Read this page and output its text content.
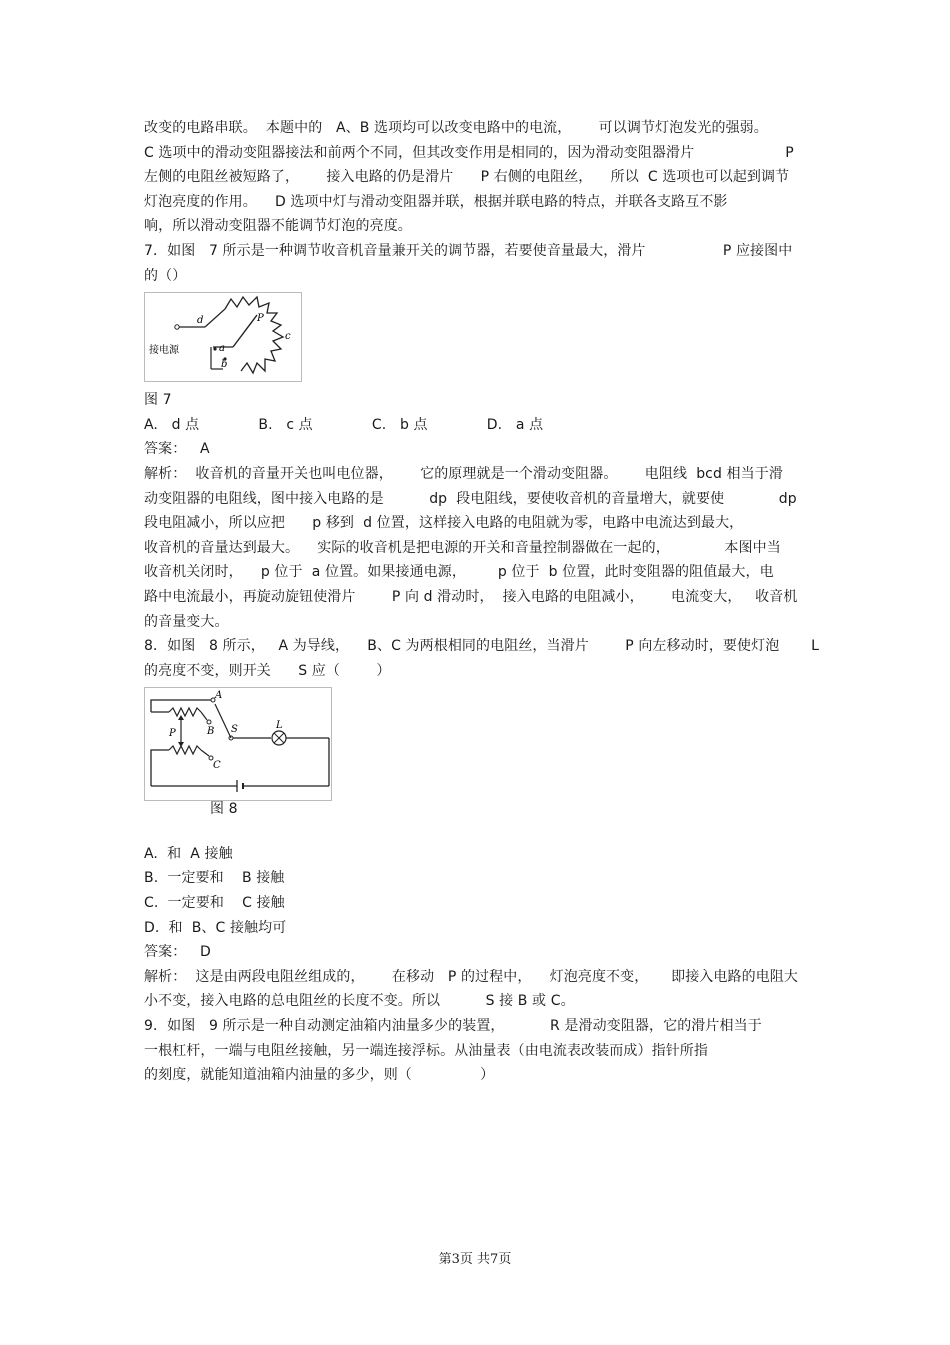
改变的电路串联。  本题中的   A、B 选项均可以改变电路中的电流，      可以调节灯泡发光的强弱。
C 选项中的滑动变阻器接法和前两个不同，但其改变作用是相同的，因为滑动变阻器滑片                    P
左侧的电阻丝被短路了，      接入电路的仍是滑片      P 右侧的电阻丝，    所以  C 选项也可以起到调节
灯泡亮度的作用。    D 选项中灯与滑动变阻器并联，根据并联电路的特点，并联各支路互不影
响，所以滑动变阻器不能调节灯泡的亮度。
7．如图   7 所示是一种调节收音机音量兼开关的调节器，若要使音量最大，滑片                 P 应接图中
的（）
d	P
c
a
b
接电源
图 7
A.   d 点             B.   c 点             C.   b 点             D.   a 点
答案：   A
解析：  收音机的音量开关也叫电位器，      它的原理就是一个滑动变阻器。      电阻线  bcd 相当于滑
动变阻器的电阻线，图中接入电路的是          dp  段电阻线，要使收音机的音量增大，就要使            dp
段电阻减小，所以应把      p 移到  d 位置，这样接入电路的电阻就为零，电路中电流达到最大，
收音机的音量达到最大。    实际的收音机是把电源的开关和音量控制器做在一起的，            本图中当
收音机关闭时，    p 位于  a 位置。如果接通电源，       p 位于  b 位置，此时变阻器的阻值最大，电
路中电流最小，再旋动旋钮使滑片        P 向 d 滑动时，  接入电路的电阻减小，      电流变大，   收音机
的音量变大。
8．如图   8 所示，   A 为导线，    B、C 为两根相同的电阻丝，当滑片        P 向左移动时，要使灯泡       L
的亮度不变，则开关      S 应（        ）
A
B
P
C
S	L
图 8
A.  和  A 接触
B.  一定要和    B 接触
C.  一定要和    C 接触
D.  和  B、C 接触均可
答案：   D
解析：  这是由两段电阻丝组成的，      在移动   P 的过程中，    灯泡亮度不变，     即接入电路的电阻大
小不变，接入电路的总电阻丝的长度不变。所以          S 接 B 或 C。
9．如图   9 所示是一种自动测定油箱内油量多少的装置，          R 是滑动变阻器，它的滑片相当于
一根杠杆，一端与电阻丝接触，另一端连接浮标。从油量表（由电流表改装而成）指针所指
的刻度，就能知道油箱内油量的多少，则（               ）
第3页 共7页
